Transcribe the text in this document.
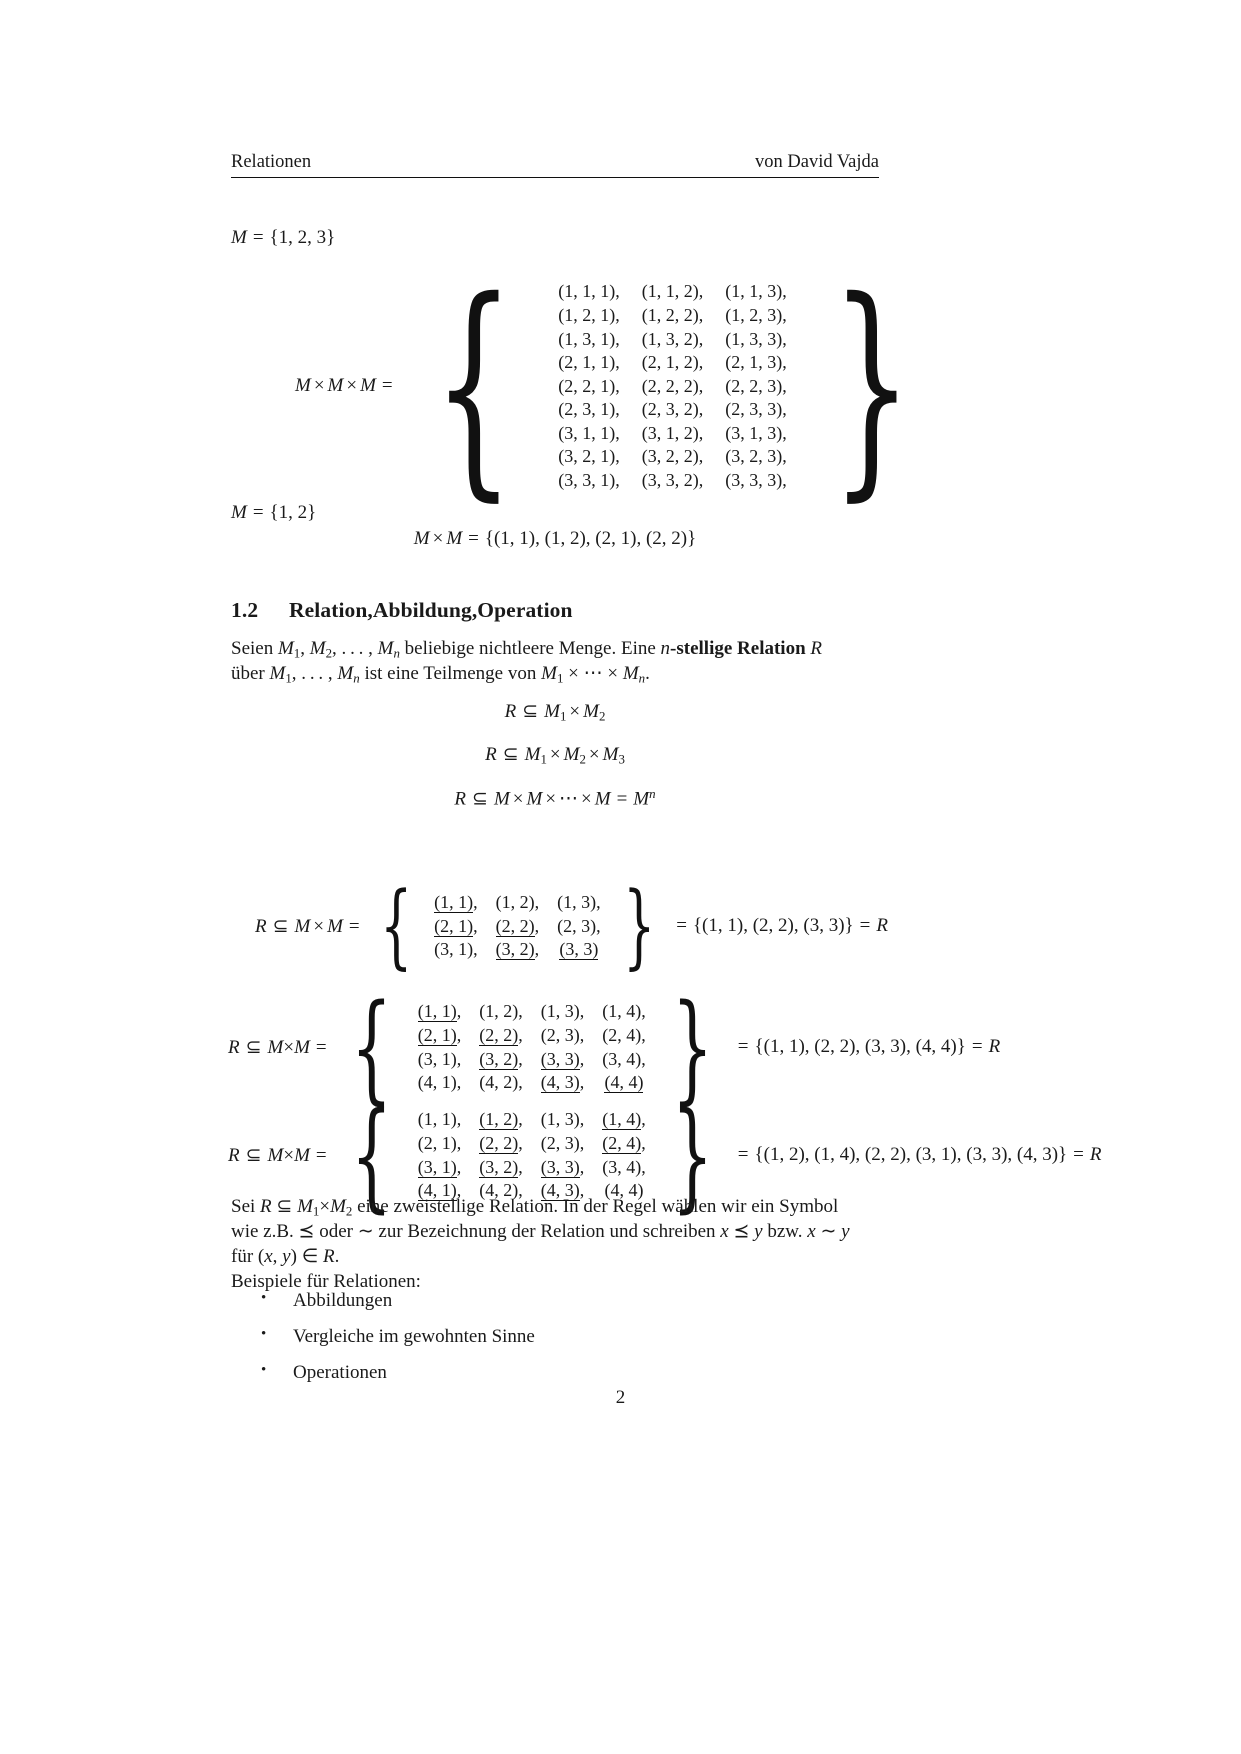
Relationen	von David Vajda
M = {1, 2, 3}
M × M × M = { (1, 1, 1),	(1, 1, 2),	(1, 1, 3),
(1, 2, 1),	(1, 2, 2),	(1, 2, 3),
(1, 3, 1),	(1, 3, 2),	(1, 3, 3),
(2, 1, 1),	(2, 1, 2),	(2, 1, 3),
(2, 2, 1),	(2, 2, 2),	(2, 2, 3),
(2, 3, 1),	(2, 3, 2),	(2, 3, 3),
(3, 1, 1),	(3, 1, 2),	(3, 1, 3),
(3, 2, 1),	(3, 2, 2),	(3, 2, 3),
(3, 3, 1),	(3, 3, 2),	(3, 3, 3), }
M = {1, 2}
M × M = {(1, 1), (1, 2), (2, 1), (2, 2)}
1.2 Relation,Abbildung,Operation

Seien $M_1$, $M_2$, . . . , $M_n$ beliebige nichtleere Menge. Eine n-stellige Relation R
über $M_1$, . . . , $M_n$ ist eine Teilmenge von $M_1$ × ⋯ × $M_n$.

R ⊆ $M_1 \times M_2$
R ⊆ $M_1 \times M_2 \times M_3$
R ⊆ M × M × ⋯ × $M = M^n$
R ⊆ M × M = { (1, 1),	(1, 2),	(1, 3),
(2, 1),	(2, 2),	(2, 3),
(3, 1),	(3, 2),	(3, 3) }	= {(1, 1), (2, 2), (3, 3)} = R
R ⊆ M×M = { (1, 1),	(1, 2),	(1, 3),	(1, 4),
(2, 1),	(2, 2),	(2, 3),	(2, 4),
(3, 1),	(3, 2),	(3, 3),	(3, 4),
(4, 1),	(4, 2),	(4, 3),	(4, 4) }	= {(1, 1), (2, 2), (3, 3), (4, 4)} = R
R ⊆ M×M = { (1, 1),	(1, 2),	(1, 3),	(1, 4),
(2, 1),	(2, 2),	(2, 3),	(2, 4),
(3, 1),	(3, 2),	(3, 3),	(3, 4),
(4, 1),	(4, 2),	(4, 3),	(4, 4) }	= {(1, 2), (1, 4), (2, 2), (3, 1), (3, 3), (4, 3)} = R

Sei R ⊆ $M_1\times M_2$ eine zweistellige Relation. In der Regel wählen wir ein Symbol
wie z.B. ⪯ oder ∼ zur Bezeichnung der Relation und schreiben x ⪯ y bzw. x ∼ y
für (x, y) ∈ R.
Beispiele für Relationen:

• Abbildungen
• Vergleiche im gewohnten Sinne
• Operationen
2
